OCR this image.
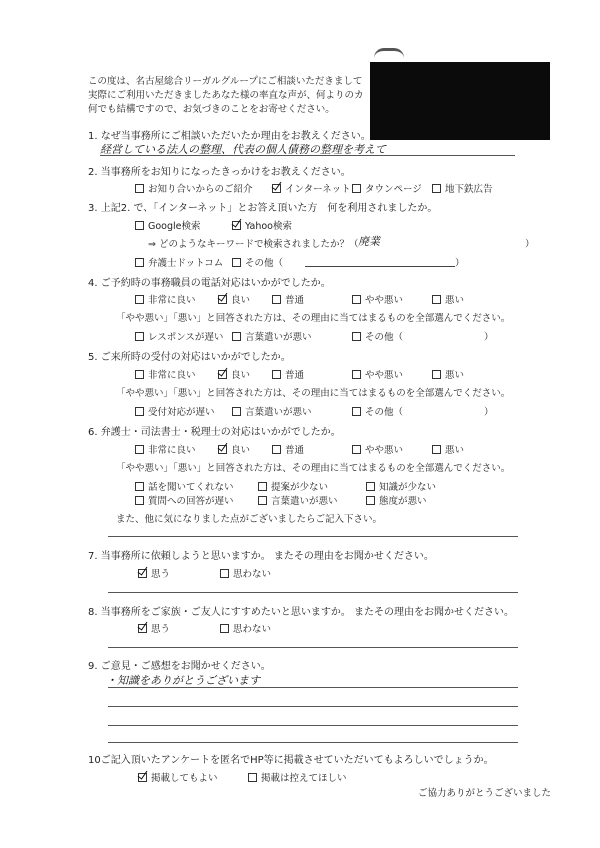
この度は、名古屋総合リーガルグループにご相談いただきまして
実際にご利用いただきましたあなた様の率直な声が、何よりのカ
何でも結構ですので、お気づきのことをお寄せください。
1. なぜ当事務所にご相談いただいたか理由をお教えください。
経営している法人の整理、代表の個人債務の整理を考えて
2. 当事務所をお知りになったきっかけをお教えください。
お知り合いからのご紹介	インターネット タウンページ 地下鉄広告
3. 上記2. で、「インターネット」とお答え頂いた方　何を利用されましたか。
Google検索	Yahoo検索
⇒ どのようなキーワードで検索されましたか？（ 廃業	）
弁護士ドットコム その他（	）
4. ご予約時の事務職員の電話対応はいかがでしたか。
非常に良い	良い	普通	やや悪い	悪い
「やや悪い」「悪い」と回答された方は、その理由に当てはまるものを全部選んでください。
レスポンスが遅い 言葉遣いが悪い	その他（	）
5. ご来所時の受付の対応はいかがでしたか。
非常に良い	良い	普通	やや悪い	悪い
「やや悪い」「悪い」と回答された方は、その理由に当てはまるものを全部選んでください。
受付対応が遅い	言葉遣いが悪い	その他（	）
6. 弁護士・司法書士・税理士の対応はいかがでしたか。
非常に良い	良い	普通	やや悪い	悪い
「やや悪い」「悪い」と回答された方は、その理由に当てはまるものを全部選んでください。
話を聞いてくれない	提案が少ない	知識が少ない
質問への回答が遅い	言葉遣いが悪い	態度が悪い
また、他に気になりました点がございましたらご記入下さい。
7. 当事務所に依頼しようと思いますか。 またその理由をお聞かせください。
思う	思わない
8. 当事務所をご家族・ご友人にすすめたいと思いますか。 またその理由をお聞かせください。
思う	思わない
9. ご意見・ご感想をお聞かせください。
・知識をありがとうございます
10ご記入頂いたアンケートを匿名でHP等に掲載させていただいてもよろしいでしょうか。
掲載してもよい	掲載は控えてほしい
ご協力ありがとうございました
